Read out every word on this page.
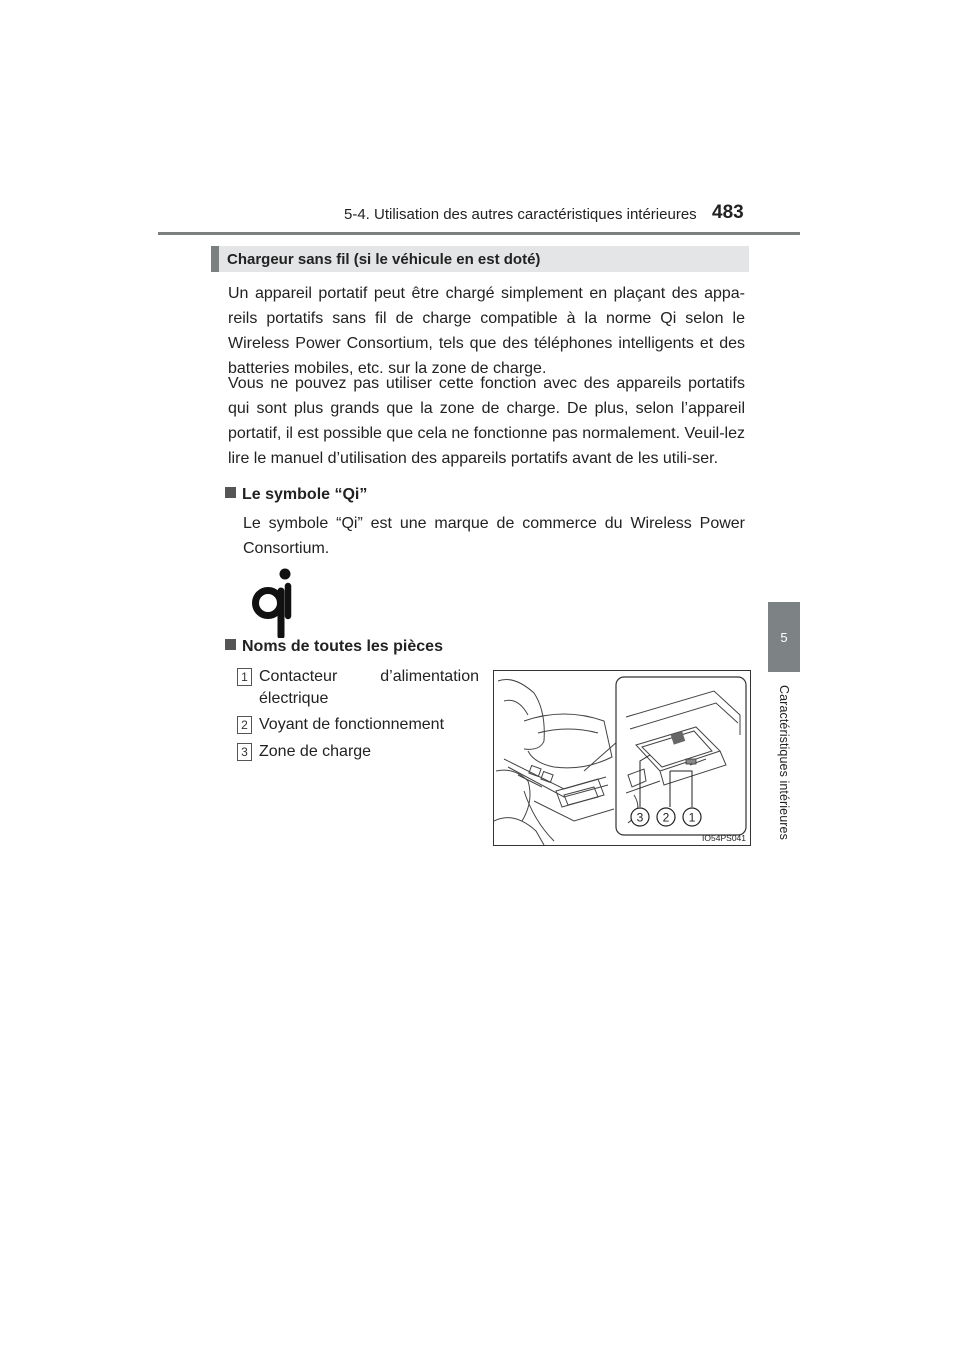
5-4. Utilisation des autres caractéristiques intérieures 483
5
Caractéristiques intérieures
Chargeur sans fil (si le véhicule en est doté)

Un appareil portatif peut être chargé simplement en plaçant des appa-reils portatifs sans fil de charge compatible à la norme Qi selon le Wireless Power Consortium, tels que des téléphones intelligents et des batteries mobiles, etc. sur la zone de charge.

Vous ne pouvez pas utiliser cette fonction avec des appareils portatifs qui sont plus grands que la zone de charge. De plus, selon l’appareil portatif, il est possible que cela ne fonctionne pas normalement. Veuil-lez lire le manuel d’utilisation des appareils portatifs avant de les utili-ser.

Le symbole “Qi”

Le symbole “Qi” est une marque de commerce du Wireless Power Consortium.

Noms de toutes les pièces
1 Contacteur d’alimentation
électrique
2 Voyant de fonctionnement
3 Zone de charge
3 2 1
IO54PS041
